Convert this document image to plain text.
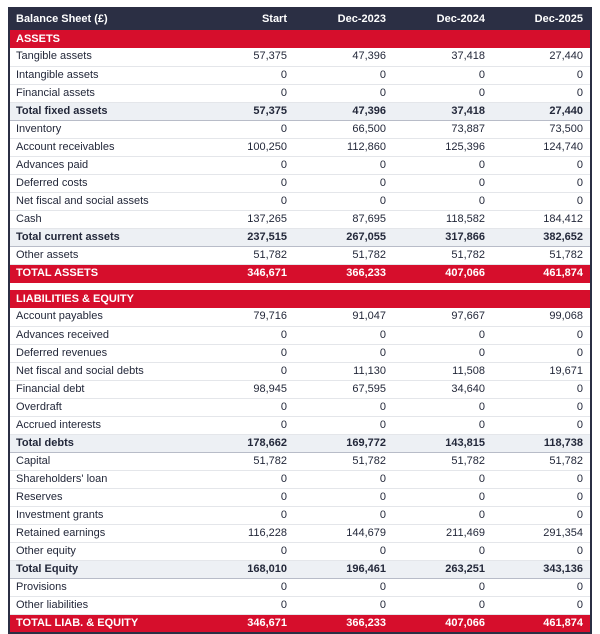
Balance Sheet (£)	Start	Dec-2023	Dec-2024	Dec-2025
ASSETS				
Tangible assets	57,375	47,396	37,418	27,440
Intangible assets	0	0	0	0
Financial assets	0	0	0	0
Total fixed assets	57,375	47,396	37,418	27,440
Inventory	0	66,500	73,887	73,500
Account receivables	100,250	112,860	125,396	124,740
Advances paid	0	0	0	0
Deferred costs	0	0	0	0
Net fiscal and social assets	0	0	0	0
Cash	137,265	87,695	118,582	184,412
Total current assets	237,515	267,055	317,866	382,652
Other assets	51,782	51,782	51,782	51,782
TOTAL ASSETS	346,671	366,233	407,066	461,874

LIABILITIES & EQUITY				
Account payables	79,716	91,047	97,667	99,068
Advances received	0	0	0	0
Deferred revenues	0	0	0	0
Net fiscal and social debts	0	11,130	11,508	19,671
Financial debt	98,945	67,595	34,640	0
Overdraft	0	0	0	0
Accrued interests	0	0	0	0
Total debts	178,662	169,772	143,815	118,738
Capital	51,782	51,782	51,782	51,782
Shareholders' loan	0	0	0	0
Reserves	0	0	0	0
Investment grants	0	0	0	0
Retained earnings	116,228	144,679	211,469	291,354
Other equity	0	0	0	0
Total Equity	168,010	196,461	263,251	343,136
Provisions	0	0	0	0
Other liabilities	0	0	0	0
TOTAL LIAB. & EQUITY	346,671	366,233	407,066	461,874
